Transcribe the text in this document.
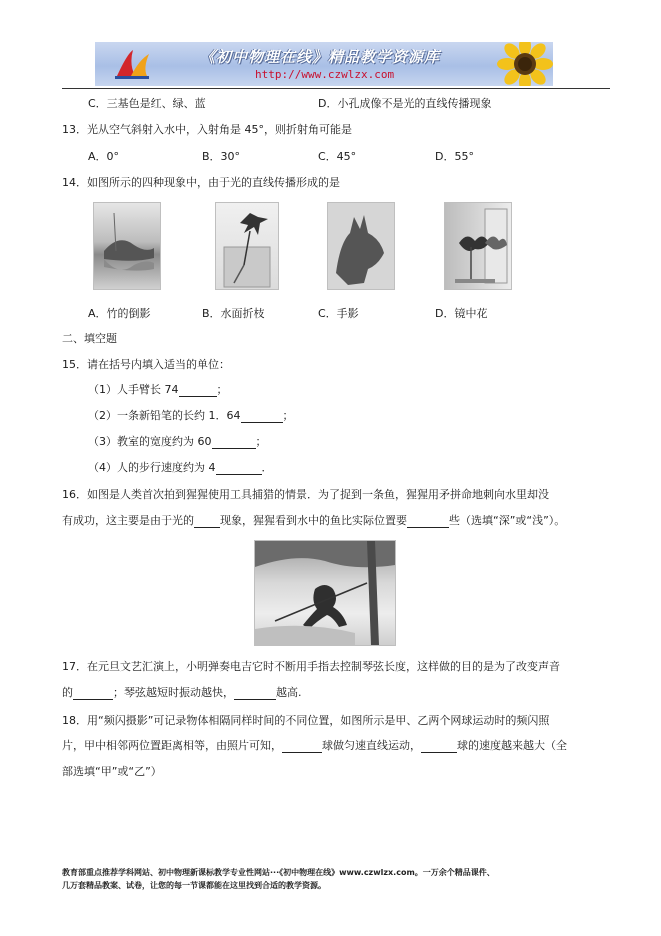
《初中物理在线》精品教学资源库
http://www.czwlzx.com
C．三基色是红、绿、蓝	D．小孔成像不是光的直线传播现象
13．光从空气斜射入水中，入射角是 45°，则折射角可能是
A．0°	B．30°	C．45°	D．55°
14．如图所示的四种现象中，由于光的直线传播形成的是
A．竹的倒影	B．水面折枝	C．手影	D．镜中花
二、填空题
15．请在括号内填入适当的单位：
（1）人手臂长 74	；
（2）一条新铅笔的长约 1．64	；
（3）教室的宽度约为 60	；
（4）人的步行速度约为 4	．
16．如图是人类首次拍到猩猩使用工具捕猎的情景．为了捉到一条鱼，猩猩用矛拼命地刺向水里却没
有成功，这主要是由于光的 现象，猩猩看到水中的鱼比实际位置要	些（选填“深”或“浅”）。
17．在元旦文艺汇演上，小明弹奏电吉它时不断用手指去控制琴弦长度，这样做的目的是为了改变声音
的	；琴弦越短时振动越快，	越高.
18．用“频闪摄影”可记录物体相隔同样时间的不同位置，如图所示是甲、乙两个网球运动时的频闪照
片，甲中相邻两位置距离相等，由照片可知，	球做匀速直线运动，	球的速度越来越大（全
部选填“甲”或“乙”）
教育部重点推荐学科网站、初中物理新课标教学专业性网站···《初中物理在线》www.czwlzx.com。一万余个精品课件、
几万套精品教案、试卷，让您的每一节课都能在这里找到合适的教学资源。
